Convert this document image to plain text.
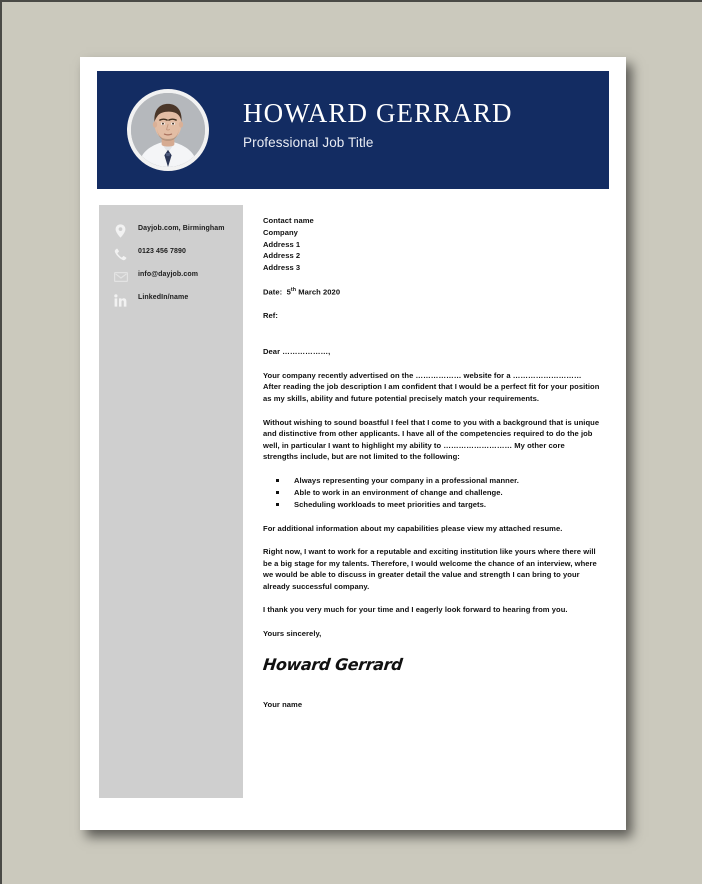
HOWARD GERRARD
Professional Job Title
Dayjob.com, Birmingham
0123 456 7890
info@dayjob.com
LinkedIn/name
Contact name
Company
Address 1
Address 2
Address 3
Date: 5th March 2020
Ref:
Dear ………………,
Your company recently advertised on the ……………… website for a ……………………… After reading the job description I am confident that I would be a perfect fit for your position as my skills, ability and future potential precisely match your requirements.
Without wishing to sound boastful I feel that I come to you with a background that is unique and distinctive from other applicants. I have all of the competencies required to do the job well, in particular I want to highlight my ability to ……………………… My other core strengths include, but are not limited to the following:
Always representing your company in a professional manner.
Able to work in an environment of change and challenge.
Scheduling workloads to meet priorities and targets.
For additional information about my capabilities please view my attached resume.
Right now, I want to work for a reputable and exciting institution like yours where there will be a big stage for my talents. Therefore, I would welcome the chance of an interview, where we would be able to discuss in greater detail the value and strength I can bring to your already successful company.
I thank you very much for your time and I eagerly look forward to hearing from you.
Yours sincerely,
Howard Gerrard
Your name
